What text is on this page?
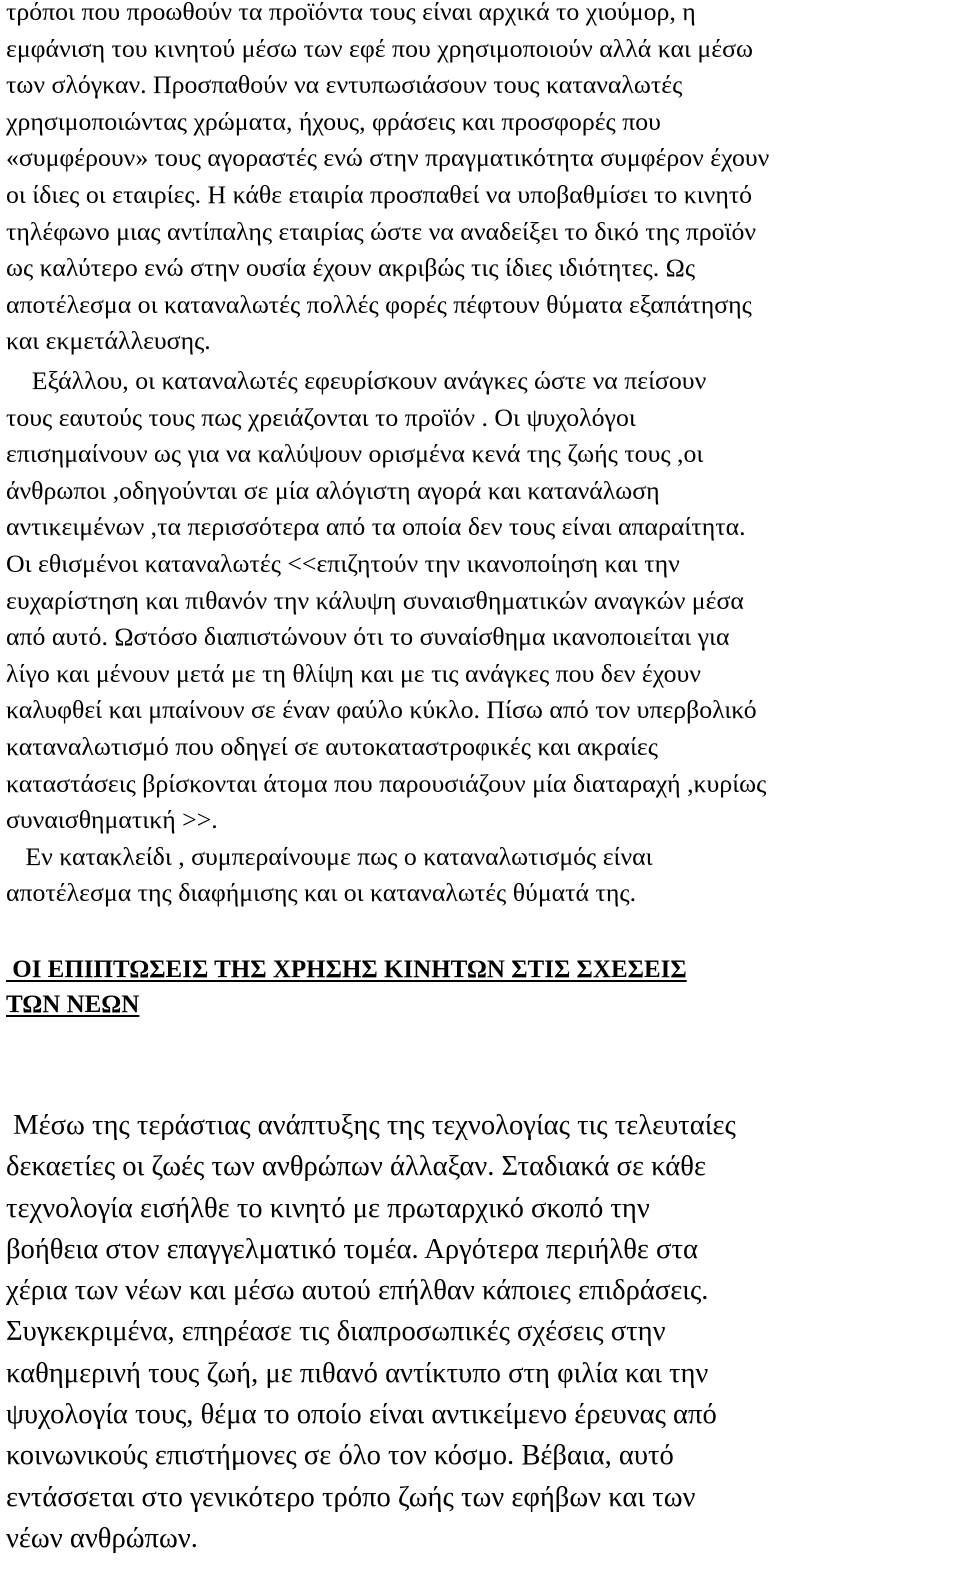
τρόποι που προωθούν τα προϊόντα τους είναι αρχικά το χιούμορ, η
εμφάνιση του κινητού μέσω των εφέ που χρησιμοποιούν αλλά και μέσω
των σλόγκαν. Προσπαθούν να εντυπωσιάσουν τους καταναλωτές
χρησιμοποιώντας χρώματα, ήχους, φράσεις και προσφορές που
«συμφέρουν» τους αγοραστές ενώ στην πραγματικότητα συμφέρον έχουν
οι ίδιες οι εταιρίες. Η κάθε εταιρία προσπαθεί να υποβαθμίσει το κινητό
τηλέφωνο μιας αντίπαλης εταιρίας ώστε να αναδείξει το δικό της προϊόν
ως καλύτερο ενώ στην ουσία έχουν ακριβώς τις ίδιες ιδιότητες. Ως
αποτέλεσμα οι καταναλωτές πολλές φορές πέφτουν θύματα εξαπάτησης
και εκμετάλλευσης.
Εξάλλου, οι καταναλωτές εφευρίσκουν ανάγκες ώστε να πείσουν
τους εαυτούς τους πως χρειάζονται το προϊόν . Οι ψυχολόγοι
επισημαίνουν ως για να καλύψουν ορισμένα κενά της ζωής τους ,οι
άνθρωποι ,οδηγούνται σε μία αλόγιστη αγορά και κατανάλωση
αντικειμένων ,τα περισσότερα από τα οποία δεν τους είναι απαραίτητα.
Οι εθισμένοι καταναλωτές <<επιζητούν την ικανοποίηση και την
ευχαρίστηση και πιθανόν την κάλυψη συναισθηματικών αναγκών μέσα
από αυτό. Ωστόσο διαπιστώνουν ότι το συναίσθημα ικανοποιείται για
λίγο και μένουν μετά με τη θλίψη και με τις ανάγκες που δεν έχουν
καλυφθεί και μπαίνουν σε έναν φαύλο κύκλο. Πίσω από τον υπερβολικό
καταναλωτισμό που οδηγεί σε αυτοκαταστροφικές και ακραίες
καταστάσεις βρίσκονται άτομα που παρουσιάζουν μία διαταραχή ,κυρίως
συναισθηματική >>.
Εν κατακλείδι , συμπεραίνουμε πως ο καταναλωτισμός είναι
αποτέλεσμα της διαφήμισης και οι καταναλωτές θύματά της.
ΟΙ ΕΠΙΠΤΩΣΕΙΣ ΤΗΣ ΧΡΗΣΗΣ ΚΙΝΗΤΩΝ ΣΤΙΣ ΣΧΕΣΕΙΣ
ΤΩΝ ΝΕΩΝ
Μέσω της τεράστιας ανάπτυξης της τεχνολογίας τις τελευταίες
δεκαετίες οι ζωές των ανθρώπων άλλαξαν. Σταδιακά σε κάθε
τεχνολογία εισήλθε το κινητό με πρωταρχικό σκοπό την
βοήθεια στον επαγγελματικό τομέα. Αργότερα περιήλθε στα
χέρια των νέων και μέσω αυτού επήλθαν κάποιες επιδράσεις.
Συγκεκριμένα, επηρέασε τις διαπροσωπικές σχέσεις στην
καθημερινή τους ζωή, με πιθανό αντίκτυπο στη φιλία και την
ψυχολογία τους, θέμα το οποίο είναι αντικείμενο έρευνας από
κοινωνικούς επιστήμονες σε όλο τον κόσμο. Βέβαια, αυτό
εντάσσεται στο γενικότερο τρόπο ζωής των εφήβων και των
νέων ανθρώπων.
